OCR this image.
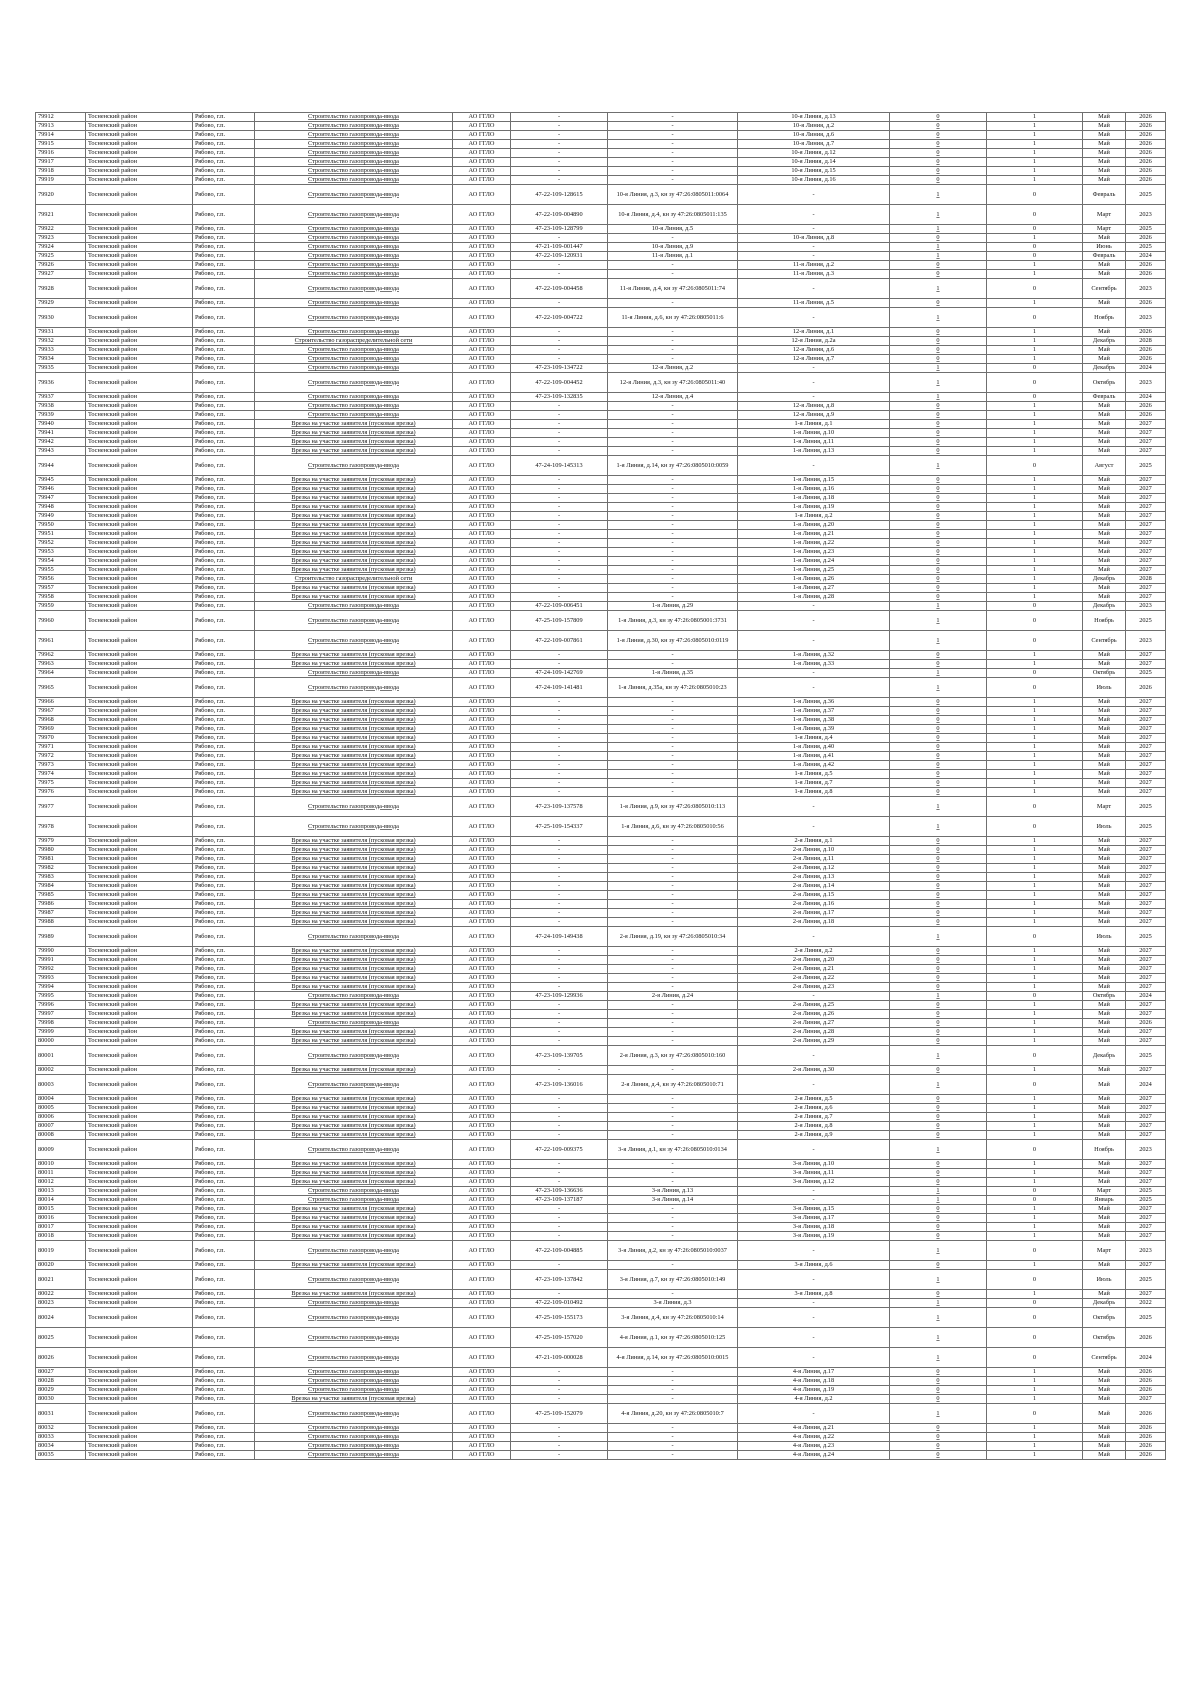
79912	Тосненский район	Рябово, г.п.	Строительство газопровода-ввода	АО ГГЛО	-	-	10-я Линия, д.13	0	1	Май	2026
79913	Тосненский район	Рябово, г.п.	Строительство газопровода-ввода	АО ГГЛО	-	-	10-я Линия, д.2	0	1	Май	2026
79914	Тосненский район	Рябово, г.п.	Строительство газопровода-ввода	АО ГГЛО	-	-	10-я Линия, д.6	0	1	Май	2026
79915	Тосненский район	Рябово, г.п.	Строительство газопровода-ввода	АО ГГЛО	-	-	10-я Линия, д.7	0	1	Май	2026
79916	Тосненский район	Рябово, г.п.	Строительство газопровода-ввода	АО ГГЛО	-	-	10-я Линия, д.12	0	1	Май	2026
79917	Тосненский район	Рябово, г.п.	Строительство газопровода-ввода	АО ГГЛО	-	-	10-я Линия, д.14	0	1	Май	2026
79918	Тосненский район	Рябово, г.п.	Строительство газопровода-ввода	АО ГГЛО	-	-	10-я Линия, д.15	0	1	Май	2026
79919	Тосненский район	Рябово, г.п.	Строительство газопровода-ввода	АО ГГЛО	-	-	10-я Линия, д.16	0	1	Май	2026
79920	Тосненский район	Рябово, г.п.	Строительство газопровода-ввода	АО ГГЛО	47-22-109-128615	10-я Линия, д.3, кн зу 47:26:0805011:0064	-	1	0	Февраль	2025
79921	Тосненский район	Рябово, г.п.	Строительство газопровода-ввода	АО ГГЛО	47-22-109-004890	10-я Линия, д.4, кн зу 47:26:0805011:135	-	1	0	Март	2023
79922	Тосненский район	Рябово, г.п.	Строительство газопровода-ввода	АО ГГЛО	47-23-109-128799	10-я Линия, д.5	-	1	0	Март	2025
79923	Тосненский район	Рябово, г.п.	Строительство газопровода-ввода	АО ГГЛО	-	-	10-я Линия, д.8	0	1	Май	2026
79924	Тосненский район	Рябово, г.п.	Строительство газопровода-ввода	АО ГГЛО	47-21-109-001447	10-я Линия, д.9	-	1	0	Июнь	2025
79925	Тосненский район	Рябово, г.п.	Строительство газопровода-ввода	АО ГГЛО	47-22-109-120931	11-я Линия, д.1	-	1	0	Февраль	2024
79926	Тосненский район	Рябово, г.п.	Строительство газопровода-ввода	АО ГГЛО	-	-	11-я Линия, д.2	0	1	Май	2026
79927	Тосненский район	Рябово, г.п.	Строительство газопровода-ввода	АО ГГЛО	-	-	11-я Линия, д.3	0	1	Май	2026
79928	Тосненский район	Рябово, г.п.	Строительство газопровода-ввода	АО ГГЛО	47-22-109-004458	11-я Линия, д.4, кн зу 47:26:0805011:74	-	1	0	Сентябрь	2023
79929	Тосненский район	Рябово, г.п.	Строительство газопровода-ввода	АО ГГЛО	-	-	11-я Линия, д.5	0	1	Май	2026
79930	Тосненский район	Рябово, г.п.	Строительство газопровода-ввода	АО ГГЛО	47-22-109-004722	11-я Линия, д.6, кн зу 47:26:0805011:6	-	1	0	Ноябрь	2023
79931	Тосненский район	Рябово, г.п.	Строительство газопровода-ввода	АО ГГЛО	-	-	12-я Линия, д.1	0	1	Май	2026
79932	Тосненский район	Рябово, г.п.	Строительство газораспределительной сети	АО ГГЛО	-	-	12-я Линия, д.2а	0	1	Декабрь	2028
79933	Тосненский район	Рябово, г.п.	Строительство газопровода-ввода	АО ГГЛО	-	-	12-я Линия, д.6	0	1	Май	2026
79934	Тосненский район	Рябово, г.п.	Строительство газопровода-ввода	АО ГГЛО	-	-	12-я Линия, д.7	0	1	Май	2026
79935	Тосненский район	Рябово, г.п.	Строительство газопровода-ввода	АО ГГЛО	47-23-109-134722	12-я Линия, д.2	-	1	0	Декабрь	2024
79936	Тосненский район	Рябово, г.п.	Строительство газопровода-ввода	АО ГГЛО	47-22-109-004452	12-я Линия, д.3, кн зу 47:26:0805011:40	-	1	0	Октябрь	2023
79937	Тосненский район	Рябово, г.п.	Строительство газопровода-ввода	АО ГГЛО	47-23-109-132835	12-я Линия, д.4	-	1	0	Февраль	2024
79938	Тосненский район	Рябово, г.п.	Строительство газопровода-ввода	АО ГГЛО	-	-	12-я Линия, д.8	0	1	Май	2026
79939	Тосненский район	Рябово, г.п.	Строительство газопровода-ввода	АО ГГЛО	-	-	12-я Линия, д.9	0	1	Май	2026
79940	Тосненский район	Рябово, г.п.	Врезка на участке заявителя (пусковая врезка)	АО ГГЛО	-	-	1-я Линия, д.1	0	1	Май	2027
79941	Тосненский район	Рябово, г.п.	Врезка на участке заявителя (пусковая врезка)	АО ГГЛО	-	-	1-я Линия, д.10	0	1	Май	2027
79942	Тосненский район	Рябово, г.п.	Врезка на участке заявителя (пусковая врезка)	АО ГГЛО	-	-	1-я Линия, д.11	0	1	Май	2027
79943	Тосненский район	Рябово, г.п.	Врезка на участке заявителя (пусковая врезка)	АО ГГЛО	-	-	1-я Линия, д.13	0	1	Май	2027
79944	Тосненский район	Рябово, г.п.	Строительство газопровода-ввода	АО ГГЛО	47-24-109-145313	1-я Линия, д.14, кн зу 47:26:0805010:0059	-	1	0	Август	2025
79945	Тосненский район	Рябово, г.п.	Врезка на участке заявителя (пусковая врезка)	АО ГГЛО	-	-	1-я Линия, д.15	0	1	Май	2027
79946	Тосненский район	Рябово, г.п.	Врезка на участке заявителя (пусковая врезка)	АО ГГЛО	-	-	1-я Линия, д.16	0	1	Май	2027
79947	Тосненский район	Рябово, г.п.	Врезка на участке заявителя (пусковая врезка)	АО ГГЛО	-	-	1-я Линия, д.18	0	1	Май	2027
79948	Тосненский район	Рябово, г.п.	Врезка на участке заявителя (пусковая врезка)	АО ГГЛО	-	-	1-я Линия, д.19	0	1	Май	2027
79949	Тосненский район	Рябово, г.п.	Врезка на участке заявителя (пусковая врезка)	АО ГГЛО	-	-	1-я Линия, д.2	0	1	Май	2027
79950	Тосненский район	Рябово, г.п.	Врезка на участке заявителя (пусковая врезка)	АО ГГЛО	-	-	1-я Линия, д.20	0	1	Май	2027
79951	Тосненский район	Рябово, г.п.	Врезка на участке заявителя (пусковая врезка)	АО ГГЛО	-	-	1-я Линия, д.21	0	1	Май	2027
79952	Тосненский район	Рябово, г.п.	Врезка на участке заявителя (пусковая врезка)	АО ГГЛО	-	-	1-я Линия, д.22	0	1	Май	2027
79953	Тосненский район	Рябово, г.п.	Врезка на участке заявителя (пусковая врезка)	АО ГГЛО	-	-	1-я Линия, д.23	0	1	Май	2027
79954	Тосненский район	Рябово, г.п.	Врезка на участке заявителя (пусковая врезка)	АО ГГЛО	-	-	1-я Линия, д.24	0	1	Май	2027
79955	Тосненский район	Рябово, г.п.	Врезка на участке заявителя (пусковая врезка)	АО ГГЛО	-	-	1-я Линия, д.25	0	1	Май	2027
79956	Тосненский район	Рябово, г.п.	Строительство газораспределительной сети	АО ГГЛО	-	-	1-я Линия, д.26	0	1	Декабрь	2028
79957	Тосненский район	Рябово, г.п.	Врезка на участке заявителя (пусковая врезка)	АО ГГЛО	-	-	1-я Линия, д.27	0	1	Май	2027
79958	Тосненский район	Рябово, г.п.	Врезка на участке заявителя (пусковая врезка)	АО ГГЛО	-	-	1-я Линия, д.28	0	1	Май	2027
79959	Тосненский район	Рябово, г.п.	Строительство газопровода-ввода	АО ГГЛО	47-22-109-006451	1-я Линия, д.29	-	1	0	Декабрь	2023
79960	Тосненский район	Рябово, г.п.	Строительство газопровода-ввода	АО ГГЛО	47-25-109-157809	1-я Линия, д.3, кн зу 47:26:0805001:3731	-	1	0	Ноябрь	2025
79961	Тосненский район	Рябово, г.п.	Строительство газопровода-ввода	АО ГГЛО	47-22-109-007861	1-я Линия, д.30, кн зу 47:26:0805010:0119	-	1	0	Сентябрь	2023
79962	Тосненский район	Рябово, г.п.	Врезка на участке заявителя (пусковая врезка)	АО ГГЛО	-	-	1-я Линия, д.32	0	1	Май	2027
79963	Тосненский район	Рябово, г.п.	Врезка на участке заявителя (пусковая врезка)	АО ГГЛО	-	-	1-я Линия, д.33	0	1	Май	2027
79964	Тосненский район	Рябово, г.п.	Строительство газопровода-ввода	АО ГГЛО	47-24-109-142769	1-я Линия, д.35	-	1	0	Октябрь	2025
79965	Тосненский район	Рябово, г.п.	Строительство газопровода-ввода	АО ГГЛО	47-24-109-141481	1-я Линия, д.35а, кн зу 47:26:0805010:23	-	1	0	Июль	2026
79966	Тосненский район	Рябово, г.п.	Врезка на участке заявителя (пусковая врезка)	АО ГГЛО	-	-	1-я Линия, д.36	0	1	Май	2027
79967	Тосненский район	Рябово, г.п.	Врезка на участке заявителя (пусковая врезка)	АО ГГЛО	-	-	1-я Линия, д.37	0	1	Май	2027
79968	Тосненский район	Рябово, г.п.	Врезка на участке заявителя (пусковая врезка)	АО ГГЛО	-	-	1-я Линия, д.38	0	1	Май	2027
79969	Тосненский район	Рябово, г.п.	Врезка на участке заявителя (пусковая врезка)	АО ГГЛО	-	-	1-я Линия, д.39	0	1	Май	2027
79970	Тосненский район	Рябово, г.п.	Врезка на участке заявителя (пусковая врезка)	АО ГГЛО	-	-	1-я Линия, д.4	0	1	Май	2027
79971	Тосненский район	Рябово, г.п.	Врезка на участке заявителя (пусковая врезка)	АО ГГЛО	-	-	1-я Линия, д.40	0	1	Май	2027
79972	Тосненский район	Рябово, г.п.	Врезка на участке заявителя (пусковая врезка)	АО ГГЛО	-	-	1-я Линия, д.41	0	1	Май	2027
79973	Тосненский район	Рябово, г.п.	Врезка на участке заявителя (пусковая врезка)	АО ГГЛО	-	-	1-я Линия, д.42	0	1	Май	2027
79974	Тосненский район	Рябово, г.п.	Врезка на участке заявителя (пусковая врезка)	АО ГГЛО	-	-	1-я Линия, д.5	0	1	Май	2027
79975	Тосненский район	Рябово, г.п.	Врезка на участке заявителя (пусковая врезка)	АО ГГЛО	-	-	1-я Линия, д.7	0	1	Май	2027
79976	Тосненский район	Рябово, г.п.	Врезка на участке заявителя (пусковая врезка)	АО ГГЛО	-	-	1-я Линия, д.8	0	1	Май	2027
79977	Тосненский район	Рябово, г.п.	Строительство газопровода-ввода	АО ГГЛО	47-23-109-137578	1-я Линия, д.9, кн зу 47:26:0805010:113	-	1	0	Март	2025
79978	Тосненский район	Рябово, г.п.	Строительство газопровода-ввода	АО ГГЛО	47-25-109-154337	1-я Линия, д.6, кн зу 47:26:0805010:56	-	1	0	Июль	2025
79979	Тосненский район	Рябово, г.п.	Врезка на участке заявителя (пусковая врезка)	АО ГГЛО	-	-	2-я Линия, д.1	0	1	Май	2027
79980	Тосненский район	Рябово, г.п.	Врезка на участке заявителя (пусковая врезка)	АО ГГЛО	-	-	2-я Линия, д.10	0	1	Май	2027
79981	Тосненский район	Рябово, г.п.	Врезка на участке заявителя (пусковая врезка)	АО ГГЛО	-	-	2-я Линия, д.11	0	1	Май	2027
79982	Тосненский район	Рябово, г.п.	Врезка на участке заявителя (пусковая врезка)	АО ГГЛО	-	-	2-я Линия, д.12	0	1	Май	2027
79983	Тосненский район	Рябово, г.п.	Врезка на участке заявителя (пусковая врезка)	АО ГГЛО	-	-	2-я Линия, д.13	0	1	Май	2027
79984	Тосненский район	Рябово, г.п.	Врезка на участке заявителя (пусковая врезка)	АО ГГЛО	-	-	2-я Линия, д.14	0	1	Май	2027
79985	Тосненский район	Рябово, г.п.	Врезка на участке заявителя (пусковая врезка)	АО ГГЛО	-	-	2-я Линия, д.15	0	1	Май	2027
79986	Тосненский район	Рябово, г.п.	Врезка на участке заявителя (пусковая врезка)	АО ГГЛО	-	-	2-я Линия, д.16	0	1	Май	2027
79987	Тосненский район	Рябово, г.п.	Врезка на участке заявителя (пусковая врезка)	АО ГГЛО	-	-	2-я Линия, д.17	0	1	Май	2027
79988	Тосненский район	Рябово, г.п.	Врезка на участке заявителя (пусковая врезка)	АО ГГЛО	-	-	2-я Линия, д.18	0	1	Май	2027
79989	Тосненский район	Рябово, г.п.	Строительство газопровода-ввода	АО ГГЛО	47-24-109-149438	2-я Линия, д.19, кн зу 47:26:0805010:34	-	1	0	Июль	2025
79990	Тосненский район	Рябово, г.п.	Врезка на участке заявителя (пусковая врезка)	АО ГГЛО	-	-	2-я Линия, д.2	0	1	Май	2027
79991	Тосненский район	Рябово, г.п.	Врезка на участке заявителя (пусковая врезка)	АО ГГЛО	-	-	2-я Линия, д.20	0	1	Май	2027
79992	Тосненский район	Рябово, г.п.	Врезка на участке заявителя (пусковая врезка)	АО ГГЛО	-	-	2-я Линия, д.21	0	1	Май	2027
79993	Тосненский район	Рябово, г.п.	Врезка на участке заявителя (пусковая врезка)	АО ГГЛО	-	-	2-я Линия, д.22	0	1	Май	2027
79994	Тосненский район	Рябово, г.п.	Врезка на участке заявителя (пусковая врезка)	АО ГГЛО	-	-	2-я Линия, д.23	0	1	Май	2027
79995	Тосненский район	Рябово, г.п.	Строительство газопровода-ввода	АО ГГЛО	47-23-109-129936	2-я Линия, д.24	-	1	0	Октябрь	2024
79996	Тосненский район	Рябово, г.п.	Врезка на участке заявителя (пусковая врезка)	АО ГГЛО	-	-	2-я Линия, д.25	0	1	Май	2027
79997	Тосненский район	Рябово, г.п.	Врезка на участке заявителя (пусковая врезка)	АО ГГЛО	-	-	2-я Линия, д.26	0	1	Май	2027
79998	Тосненский район	Рябово, г.п.	Строительство газопровода-ввода	АО ГГЛО	-	-	2-я Линия, д.27	0	1	Май	2026
79999	Тосненский район	Рябово, г.п.	Врезка на участке заявителя (пусковая врезка)	АО ГГЛО	-	-	2-я Линия, д.28	0	1	Май	2027
80000	Тосненский район	Рябово, г.п.	Врезка на участке заявителя (пусковая врезка)	АО ГГЛО	-	-	2-я Линия, д.29	0	1	Май	2027
80001	Тосненский район	Рябово, г.п.	Строительство газопровода-ввода	АО ГГЛО	47-23-109-139705	2-я Линия, д.3, кн зу 47:26:0805010:160	-	1	0	Декабрь	2025
80002	Тосненский район	Рябово, г.п.	Врезка на участке заявителя (пусковая врезка)	АО ГГЛО	-	-	2-я Линия, д.30	0	1	Май	2027
80003	Тосненский район	Рябово, г.п.	Строительство газопровода-ввода	АО ГГЛО	47-23-109-136016	2-я Линия, д.4, кн зу 47:26:0805010:71	-	1	0	Май	2024
80004	Тосненский район	Рябово, г.п.	Врезка на участке заявителя (пусковая врезка)	АО ГГЛО	-	-	2-я Линия, д.5	0	1	Май	2027
80005	Тосненский район	Рябово, г.п.	Врезка на участке заявителя (пусковая врезка)	АО ГГЛО	-	-	2-я Линия, д.6	0	1	Май	2027
80006	Тосненский район	Рябово, г.п.	Врезка на участке заявителя (пусковая врезка)	АО ГГЛО	-	-	2-я Линия, д.7	0	1	Май	2027
80007	Тосненский район	Рябово, г.п.	Врезка на участке заявителя (пусковая врезка)	АО ГГЛО	-	-	2-я Линия, д.8	0	1	Май	2027
80008	Тосненский район	Рябово, г.п.	Врезка на участке заявителя (пусковая врезка)	АО ГГЛО	-	-	2-я Линия, д.9	0	1	Май	2027
80009	Тосненский район	Рябово, г.п.	Строительство газопровода-ввода	АО ГГЛО	47-22-109-009375	3-я Линия, д.1, кн зу 47:26:0805010:0134	-	1	0	Ноябрь	2023
80010	Тосненский район	Рябово, г.п.	Врезка на участке заявителя (пусковая врезка)	АО ГГЛО	-	-	3-я Линия, д.10	0	1	Май	2027
80011	Тосненский район	Рябово, г.п.	Врезка на участке заявителя (пусковая врезка)	АО ГГЛО	-	-	3-я Линия, д.11	0	1	Май	2027
80012	Тосненский район	Рябово, г.п.	Врезка на участке заявителя (пусковая врезка)	АО ГГЛО	-	-	3-я Линия, д.12	0	1	Май	2027
80013	Тосненский район	Рябово, г.п.	Строительство газопровода-ввода	АО ГГЛО	47-23-109-136636	3-я Линия, д.13	-	1	0	Март	2025
80014	Тосненский район	Рябово, г.п.	Строительство газопровода-ввода	АО ГГЛО	47-23-109-137187	3-я Линия, д.14	-	1	0	Январь	2025
80015	Тосненский район	Рябово, г.п.	Врезка на участке заявителя (пусковая врезка)	АО ГГЛО	-	-	3-я Линия, д.15	0	1	Май	2027
80016	Тосненский район	Рябово, г.п.	Врезка на участке заявителя (пусковая врезка)	АО ГГЛО	-	-	3-я Линия, д.17	0	1	Май	2027
80017	Тосненский район	Рябово, г.п.	Врезка на участке заявителя (пусковая врезка)	АО ГГЛО	-	-	3-я Линия, д.18	0	1	Май	2027
80018	Тосненский район	Рябово, г.п.	Врезка на участке заявителя (пусковая врезка)	АО ГГЛО	-	-	3-я Линия, д.19	0	1	Май	2027
80019	Тосненский район	Рябово, г.п.	Строительство газопровода-ввода	АО ГГЛО	47-22-109-004885	3-я Линия, д.2, кн зу 47:26:0805010:0037	-	1	0	Март	2023
80020	Тосненский район	Рябово, г.п.	Врезка на участке заявителя (пусковая врезка)	АО ГГЛО	-	-	3-я Линия, д.6	0	1	Май	2027
80021	Тосненский район	Рябово, г.п.	Строительство газопровода-ввода	АО ГГЛО	47-23-109-137842	3-я Линия, д.7, кн зу 47:26:0805010:149	-	1	0	Июль	2025
80022	Тосненский район	Рябово, г.п.	Врезка на участке заявителя (пусковая врезка)	АО ГГЛО	-	-	3-я Линия, д.8	0	1	Май	2027
80023	Тосненский район	Рябово, г.п.	Строительство газопровода-ввода	АО ГГЛО	47-22-109-010492	3-я Линия, д.3	-	1	0	Декабрь	2022
80024	Тосненский район	Рябово, г.п.	Строительство газопровода-ввода	АО ГГЛО	47-25-109-155173	3-я Линия, д.4, кн зу 47:26:0805010:14	-	1	0	Октябрь	2025
80025	Тосненский район	Рябово, г.п.	Строительство газопровода-ввода	АО ГГЛО	47-25-109-157020	4-я Линия, д.1, кн зу 47:26:0805010:125	-	1	0	Октябрь	2026
80026	Тосненский район	Рябово, г.п.	Строительство газопровода-ввода	АО ГГЛО	47-21-109-000028	4-я Линия, д.14, кн зу 47:26:0805010:0015	-	1	0	Сентябрь	2024
80027	Тосненский район	Рябово, г.п.	Строительство газопровода-ввода	АО ГГЛО	-	-	4-я Линия, д.17	0	1	Май	2026
80028	Тосненский район	Рябово, г.п.	Строительство газопровода-ввода	АО ГГЛО	-	-	4-я Линия, д.18	0	1	Май	2026
80029	Тосненский район	Рябово, г.п.	Строительство газопровода-ввода	АО ГГЛО	-	-	4-я Линия, д.19	0	1	Май	2026
80030	Тосненский район	Рябово, г.п.	Врезка на участке заявителя (пусковая врезка)	АО ГГЛО	-	-	4-я Линия, д.2	0	1	Май	2027
80031	Тосненский район	Рябово, г.п.	Строительство газопровода-ввода	АО ГГЛО	47-25-109-152079	4-я Линия, д.20, кн зу 47:26:0805010:7	-	1	0	Май	2026
80032	Тосненский район	Рябово, г.п.	Строительство газопровода-ввода	АО ГГЛО	-	-	4-я Линия, д.21	0	1	Май	2026
80033	Тосненский район	Рябово, г.п.	Строительство газопровода-ввода	АО ГГЛО	-	-	4-я Линия, д.22	0	1	Май	2026
80034	Тосненский район	Рябово, г.п.	Строительство газопровода-ввода	АО ГГЛО	-	-	4-я Линия, д.23	0	1	Май	2026
80035	Тосненский район	Рябово, г.п.	Строительство газопровода-ввода	АО ГГЛО	-	-	4-я Линия, д.24	0	1	Май	2026
